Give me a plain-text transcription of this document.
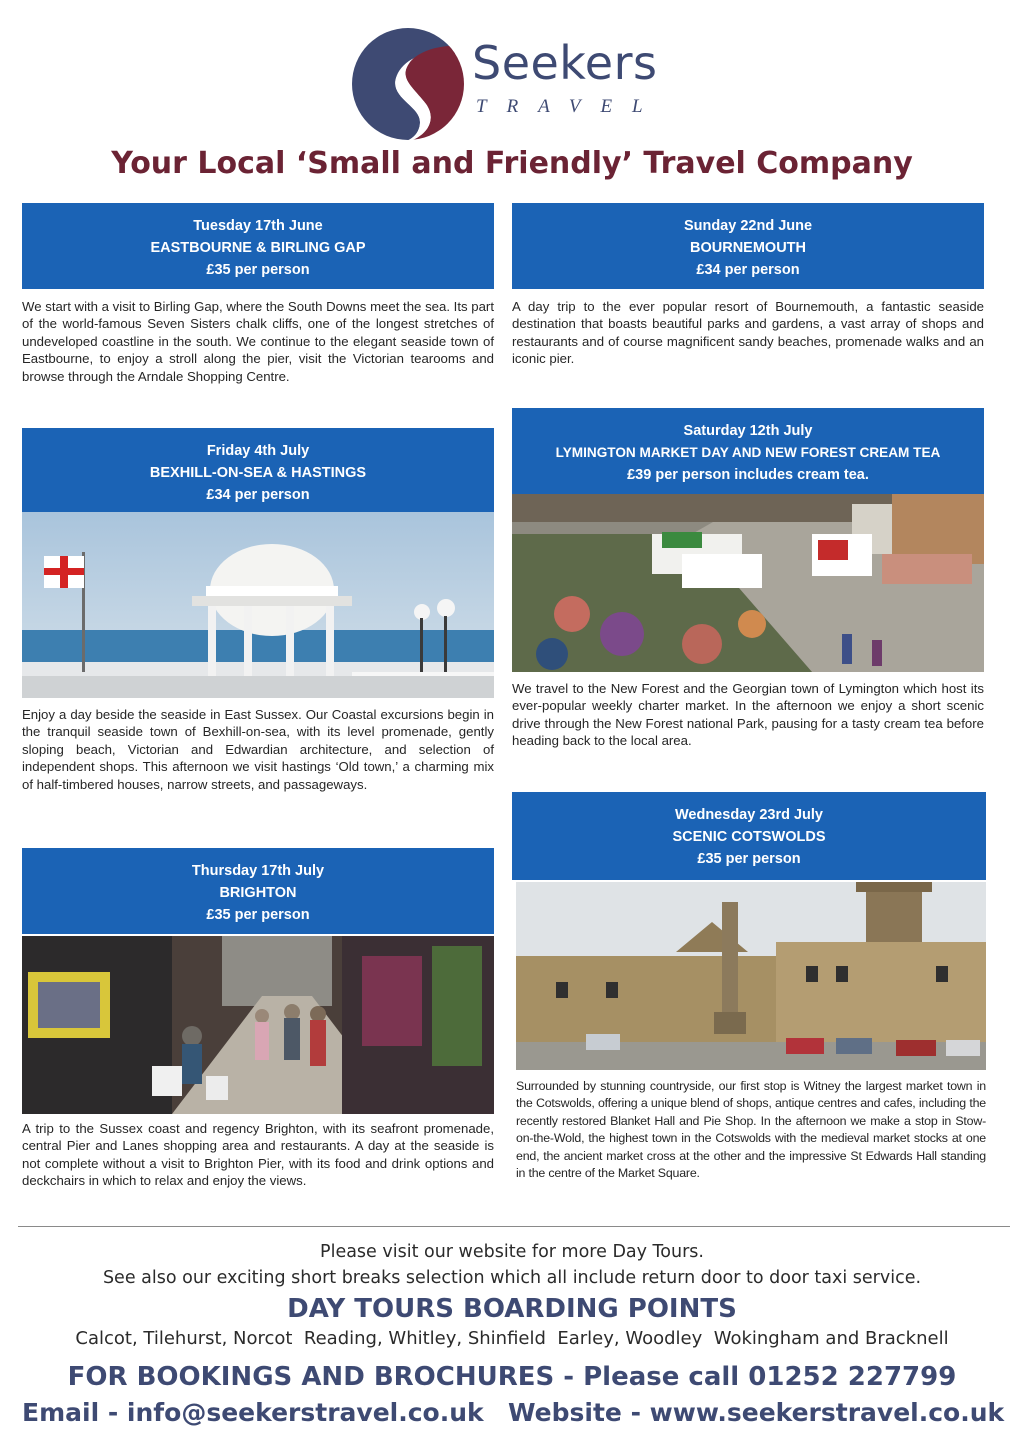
Seekers
TRAVEL
Your Local ‘Small and Friendly’ Travel Company
Tuesday 17th June
EASTBOURNE & BIRLING GAP
£35 per person
We start with a visit to Birling Gap, where the South Downs meet the sea. Its part of the world-famous Seven Sisters chalk cliffs, one of the longest stretches of undeveloped coastline in the south. We continue to the elegant seaside town of Eastbourne, to enjoy a stroll along the pier, visit the Victorian tearooms and browse through the Arndale Shopping Centre.
Friday 4th July
BEXHILL-ON-SEA & HASTINGS
£34 per person
Enjoy a day beside the seaside in East Sussex. Our Coastal excursions begin in the tranquil seaside town of Bexhill-on-sea, with its level promenade, gently sloping beach, Victorian and Edwardian architecture, and selection of independent shops. This afternoon we visit hastings ‘Old town,’ a charming mix of half-timbered houses, narrow streets, and passageways.
Thursday 17th July
BRIGHTON
£35 per person
A trip to the Sussex coast and regency Brighton, with its seafront promenade, central Pier and Lanes shopping area and restaurants. A day at the seaside is not complete without a visit to Brighton Pier, with its food and drink options and deckchairs in which to relax and enjoy the views.
Sunday 22nd June
BOURNEMOUTH
£34 per person
A day trip to the ever popular resort of Bournemouth, a fantastic seaside destination that boasts beautiful parks and gardens, a vast array of shops and restaurants and of course magnificent sandy beaches, promenade walks and an iconic pier.
Saturday 12th July
LYMINGTON MARKET DAY AND NEW FOREST CREAM TEA
£39 per person includes cream tea.
We travel to the New Forest and the Georgian town of Lymington which host its ever-popular weekly charter market. In the afternoon we enjoy a short scenic drive through the New Forest national Park, pausing for a tasty cream tea before heading back to the local area.
Wednesday 23rd July
SCENIC COTSWOLDS
£35 per person
Surrounded by stunning countryside, our first stop is Witney the largest market town in the Cotswolds, offering a unique blend of shops, antique centres and cafes, including the recently restored Blanket Hall and Pie Shop. In the afternoon we make a stop in Stow-on-the-Wold, the highest town in the Cotswolds with the medieval market stocks at one end, the ancient market cross at the other and the impressive St Edwards Hall standing in the centre of the Market Square.
Please visit our website for more Day Tours.
See also our exciting short breaks selection which all include return door to door taxi service.
DAY TOURS BOARDING POINTS
Calcot, Tilehurst, Norcot  Reading, Whitley, Shinfield  Earley, Woodley  Wokingham and Bracknell
FOR BOOKINGS AND BROCHURES - Please call 01252 227799
Email - info@seekerstravel.co.uk Website - www.seekerstravel.co.uk
